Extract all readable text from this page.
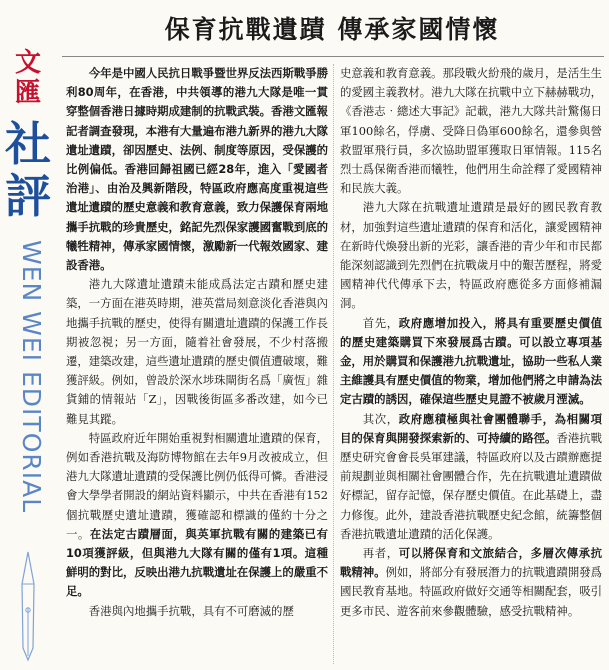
文
匯
社
評
WEN WEI EDITORIAL
保育抗戰遺蹟 傳承家國情懷

今年是中國人民抗日戰爭暨世界反法西斯戰爭勝利80周年，在香港，中共領導的港九大隊是唯一貫穿整個香港日據時期成建制的抗戰武裝。香港文匯報記者調查發現，本港有大量遍布港九新界的港九大隊遺址遺蹟，卻因歷史、法例、制度等原因，受保護的比例偏低。香港回歸祖國已經28年，進入「愛國者治港」、由治及興新階段，特區政府應高度重視這些遺址遺蹟的歷史意義和教育意義，致力保護保育兩地攜手抗戰的珍貴歷史，銘記先烈保家護國奮戰到底的犧牲精神，傳承家國情懷，激勵新一代報效國家、建設香港。

港九大隊遺址遺蹟未能成爲法定古蹟和歷史建築，一方面在港英時期，港英當局刻意淡化香港與內地攜手抗戰的歷史，使得有關遺址遺蹟的保護工作長期被忽視；另一方面，隨着社會發展，不少村落搬遷，建築改建，這些遺址遺蹟的歷史價值遭破壞，難獲評級。例如，曾設於深水埗珠閘街名爲「廣恆」雜貨鋪的情報站「Z」，因戰後街區多番改建，如今已難見其蹤。

特區政府近年開始重視對相關遺址遺蹟的保育，例如香港抗戰及海防博物館在去年9月改被成立，但港九大隊遺址遺蹟的受保護比例仍低得可憐。香港浸會大學學者開設的網站資料顯示，中共在香港有152個抗戰歷史遺址遺蹟，獲確認和標識的僅約十分之一。在法定古蹟層面，與英軍抗戰有關的建築已有10項獲評級，但與港九大隊有關的僅有1項。這種鮮明的對比，反映出港九抗戰遺址在保護上的嚴重不足。

香港與內地攜手抗戰，具有不可磨滅的歷

史意義和教育意義。那段戰火紛飛的歲月，是活生生的愛國主義教材。港九大隊在抗戰中立下赫赫戰功，《香港志‧總述大事記》記載，港九大隊共計驚傷日軍100餘名，俘虜、受降日偽軍600餘名，還參與營救盟軍飛行員，多次協助盟軍獲取日軍情報。115名烈士爲保衛香港而犧牲，他們用生命詮釋了愛國精神和民族大義。

港九大隊在抗戰遺址遺蹟是最好的國民教育教材，加強對這些遺址遺蹟的保育和活化，讓愛國精神在新時代煥發出新的光彩，讓香港的青少年和市民都能深刻認識到先烈們在抗戰歲月中的艱苦歷程，將愛國精神代代傳承下去，特區政府應從多方面修補漏洞。

首先，政府應增加投入，將具有重要歷史價值的歷史建築購買下來發展爲古蹟。可以設立專項基金，用於購買和保護港九抗戰遺址，協助一些私人業主維護具有歷史價值的物業，增加他們將之申請為法定古蹟的誘因，確保這些歷史見證不被歲月湮滅。

其次，政府應積極與社會團體聯手，為相關項目的保育與開發探索新的、可持續的路徑。香港抗戰歷史研究會會長吳軍建議，特區政府以及古蹟辦應提前規劃並與相關社會團體合作，先在抗戰遺址遺蹟做好標記，留存記憶，保存歷史價值。在此基礎上，盡力修復。此外，建設香港抗戰歷史紀念館，統籌整個香港抗戰遺址遺蹟的活化保護。

再者，可以將保育和文旅結合，多層次傳承抗戰精神。例如，將部分有發展潛力的抗戰遺蹟開發爲國民教育基地。特區政府做好交通等相關配套，吸引更多市民、遊客前來參觀體驗，感受抗戰精神。
